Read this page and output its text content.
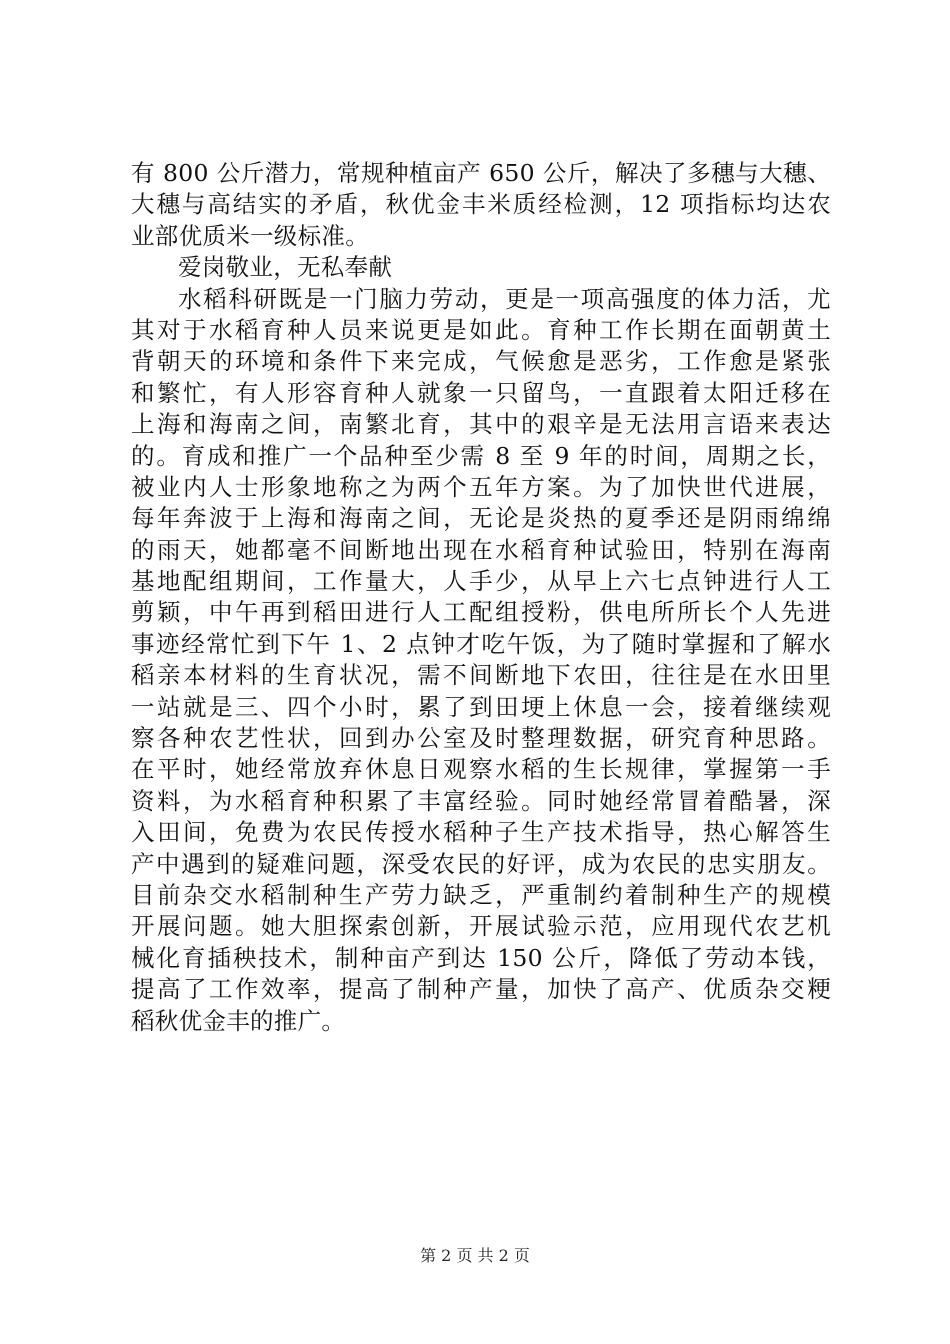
有 800 公斤潜力，常规种植亩产 650 公斤，解决了多穗与大穗、
大穗与高结实的矛盾，秋优金丰米质经检测，12 项指标均达农
业部优质米一级标准。
爱岗敬业，无私奉献
水稻科研既是一门脑力劳动，更是一项高强度的体力活，尤
其对于水稻育种人员来说更是如此。育种工作长期在面朝黄土
背朝天的环境和条件下来完成，气候愈是恶劣，工作愈是紧张
和繁忙，有人形容育种人就象一只留鸟，一直跟着太阳迁移在
上海和海南之间，南繁北育，其中的艰辛是无法用言语来表达
的。育成和推广一个品种至少需 8 至 9 年的时间，周期之长，
被业内人士形象地称之为两个五年方案。为了加快世代进展，
每年奔波于上海和海南之间，无论是炎热的夏季还是阴雨绵绵
的雨天，她都毫不间断地出现在水稻育种试验田，特别在海南
基地配组期间，工作量大，人手少，从早上六七点钟进行人工
剪颖，中午再到稻田进行人工配组授粉，供电所所长个人先进
事迹经常忙到下午 1、2 点钟才吃午饭，为了随时掌握和了解水
稻亲本材料的生育状况，需不间断地下农田，往往是在水田里
一站就是三、四个小时，累了到田埂上休息一会，接着继续观
察各种农艺性状，回到办公室及时整理数据，研究育种思路。
在平时，她经常放弃休息日观察水稻的生长规律，掌握第一手
资料，为水稻育种积累了丰富经验。同时她经常冒着酷暑，深
入田间，免费为农民传授水稻种子生产技术指导，热心解答生
产中遇到的疑难问题，深受农民的好评，成为农民的忠实朋友。
目前杂交水稻制种生产劳力缺乏，严重制约着制种生产的规模
开展问题。她大胆探索创新，开展试验示范，应用现代农艺机
械化育插秧技术，制种亩产到达 150 公斤，降低了劳动本钱，
提高了工作效率，提高了制种产量，加快了高产、优质杂交粳
稻秋优金丰的推广。
第 2 页 共 2 页
